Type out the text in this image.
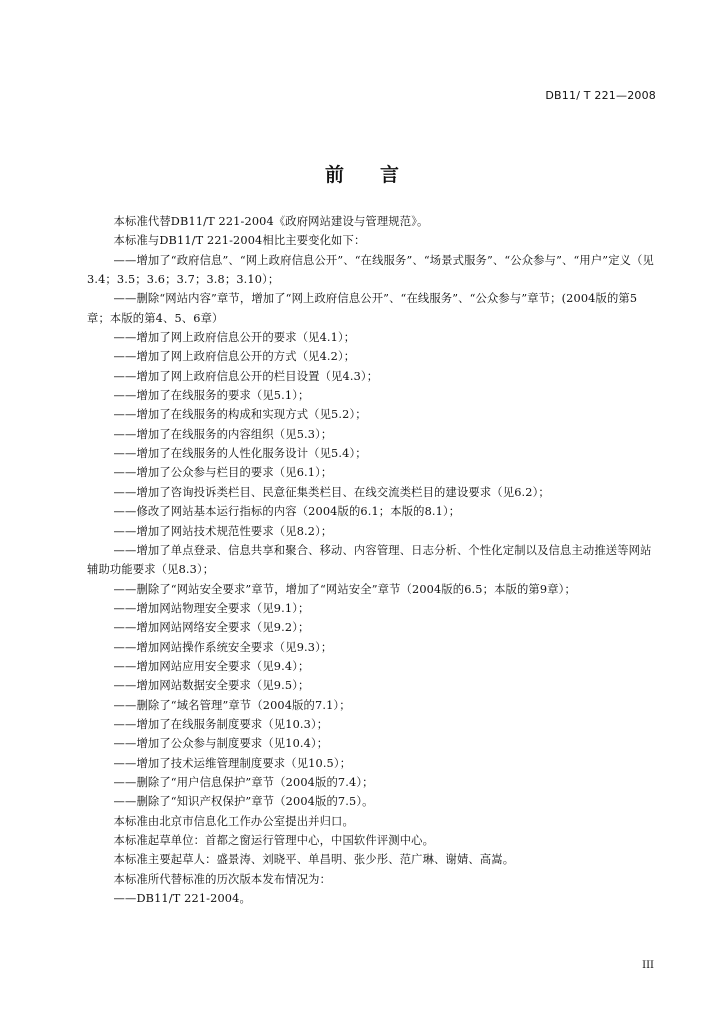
DB11/ T 221—2008
前 言

本标准代替DB11/T 221-2004《政府网站建设与管理规范》。

本标准与DB11/T 221-2004相比主要变化如下：

——增加了“政府信息”、“网上政府信息公开”、“在线服务”、“场景式服务”、“公众参与”、“用户”定义（见3.4；3.5；3.6；3.7；3.8；3.10）；

——删除“网站内容”章节，增加了“网上政府信息公开”、“在线服务”、“公众参与”章节；(2004版的第5章；本版的第4、5、6章）

——增加了网上政府信息公开的要求（见4.1）；

——增加了网上政府信息公开的方式（见4.2）；

——增加了网上政府信息公开的栏目设置（见4.3）；

——增加了在线服务的要求（见5.1）；

——增加了在线服务的构成和实现方式（见5.2）；

——增加了在线服务的内容组织（见5.3）；

——增加了在线服务的人性化服务设计（见5.4）；

——增加了公众参与栏目的要求（见6.1）；

——增加了咨询投诉类栏目、民意征集类栏目、在线交流类栏目的建设要求（见6.2）；

——修改了网站基本运行指标的内容（2004版的6.1；本版的8.1）；

——增加了网站技术规范性要求（见8.2）；

——增加了单点登录、信息共享和聚合、移动、内容管理、日志分析、个性化定制以及信息主动推送等网站辅助功能要求（见8.3）；

——删除了“网站安全要求”章节，增加了“网站安全”章节（2004版的6.5；本版的第9章）；

——增加网站物理安全要求（见9.1）；

——增加网站网络安全要求（见9.2）；

——增加网站操作系统安全要求（见9.3）；

——增加网站应用安全要求（见9.4）；

——增加网站数据安全要求（见9.5）；

——删除了“域名管理”章节（2004版的7.1）；

——增加了在线服务制度要求（见10.3）；

——增加了公众参与制度要求（见10.4）；

——增加了技术运维管理制度要求（见10.5）；

——删除了“用户信息保护”章节（2004版的7.4）；

——删除了“知识产权保护”章节（2004版的7.5）。

本标准由北京市信息化工作办公室提出并归口。

本标准起草单位：首都之窗运行管理中心，中国软件评测中心。

本标准主要起草人：盛景涛、刘晓平、单昌明、张少彤、范广琳、谢婧、高嵩。

本标准所代替标准的历次版本发布情况为：

——DB11/T 221-2004。

III
